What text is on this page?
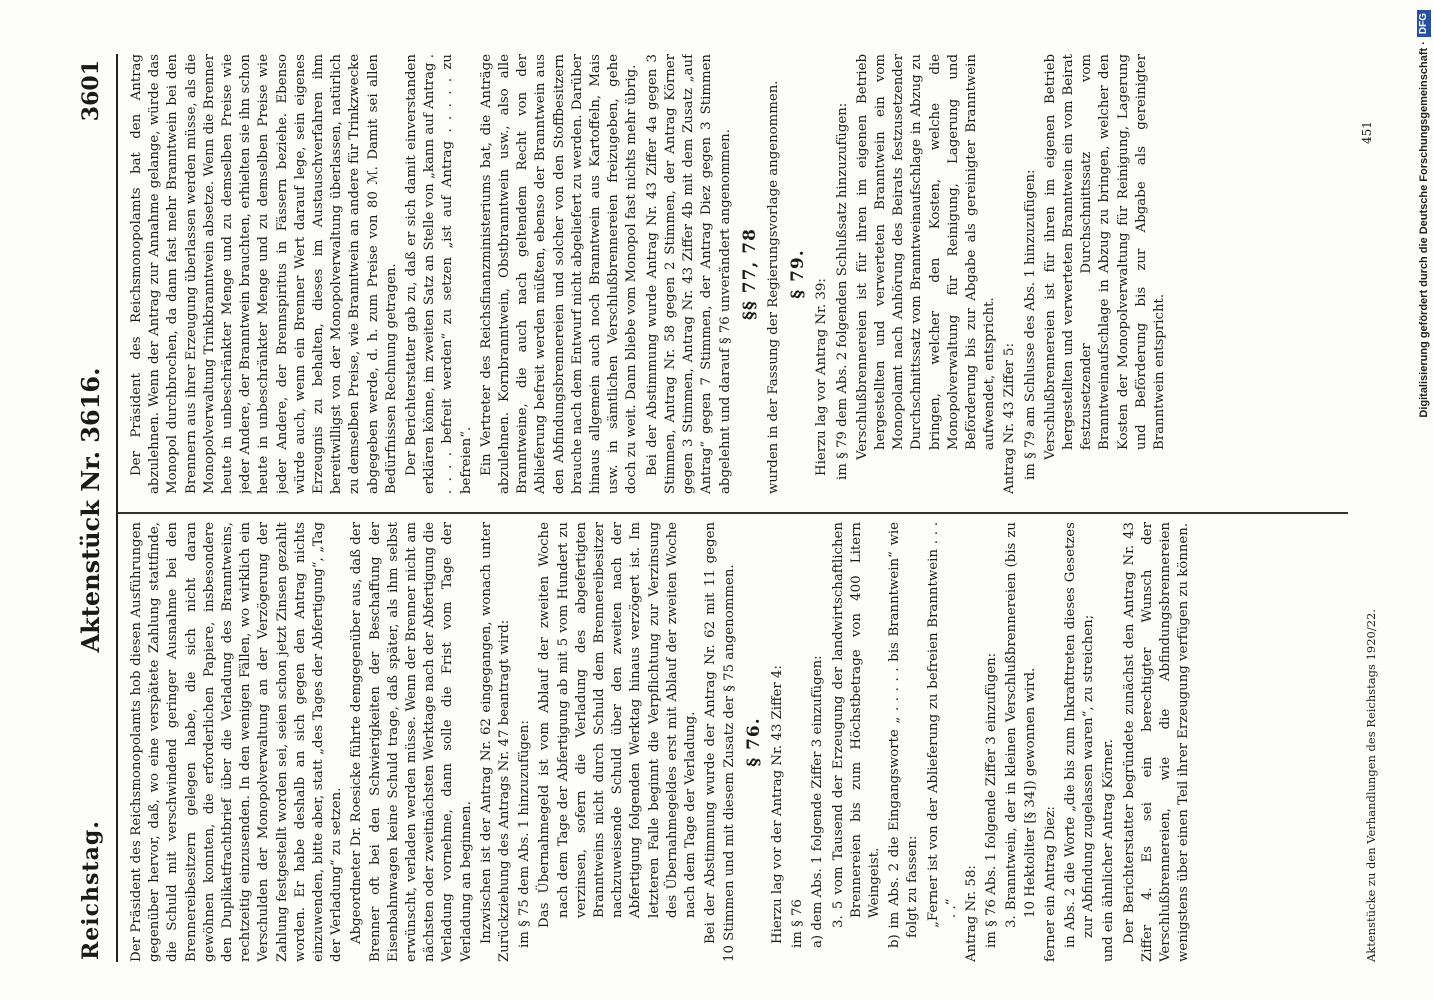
Reichstag.
Aktenstück Nr. 3616.
3601

Der Präsident des Reichsmonopolamts hob diesen Ausführungen gegenüber hervor, daß, wo eine verspätete Zahlung stattfinde, die Schuld mit verschwindend geringer Ausnahme bei den Brennereibesitzern gelegen habe, die sich nicht daran gewöhnen konnten, die erforderlichen Papiere, insbesondere den Duplikatfrachtbrief über die Verladung des Branntweins, rechtzeitig einzusenden. In den wenigen Fällen, wo wirklich ein Verschulden der Monopolverwaltung an der Verzögerung der Zahlung festgestellt worden sei, seien schon jetzt Zinsen gezahlt worden. Er habe deshalb an sich gegen den Antrag nichts einzuwenden, bitte aber, statt „des Tages der Abfertigung“, „Tag der Verladung“ zu setzen. Abgeordneter Dr. Roesicke führte demgegenüber aus, daß der Brenner oft bei den Schwierigkeiten der Beschaffung der Eisenbahnwagen keine Schuld trage, daß später, als ihm selbst erwünscht, verladen werden müsse. Wenn der Brenner nicht am nächsten oder zweitnächsten Werktage nach der Abfertigung die Verladung vornehme, dann solle die Frist vom Tage der Verladung an beginnen. Inzwischen ist der Antrag Nr. 62 eingegangen, wonach unter Zurückziehung des Antrags Nr. 47 beantragt wird: im § 75 dem Abs. 1 hinzuzufügen: Das Übernahmegeld ist vom Ablauf der zweiten Woche nach dem Tage der Abfertigung ab mit 5 vom Hundert zu verzinsen, sofern die Verladung des abgefertigten Branntweins nicht durch Schuld dem Brennereibesitzer nachzuweisende Schuld über den zweiten nach der Abfertigung folgenden Werktag hinaus verzögert ist. Im letzteren Falle beginnt die Verpflichtung zur Verzinsung des Übernahmegeldes erst mit Ablauf der zweiten Woche nach dem Tage der Verladung. Bei der Abstimmung wurde der Antrag Nr. 62 mit 11 gegen 10 Stimmen und mit diesem Zusatz der § 75 angenommen. § 76. Hierzu lag vor der Antrag Nr. 43 Ziffer 4: im § 76 a) dem Abs. 1 folgende Ziffer 3 einzufügen: 3. 5 vom Tausend der Erzeugung der landwirtschaftlichen Brennereien bis zum Höchstbetrage von 400 Litern Weingeist. b) im Abs. 2 die Eingangsworte „ . . . . . bis Branntwein“ wie folgt zu fassen: „Ferner ist von der Ablieferung zu befreien Branntwein . . . . .“ Antrag Nr. 58: im § 76 Abs. 1 folgende Ziffer 3 einzufügen: 3. Branntwein, der in kleinen Verschlußbrennereien (bis zu 10 Hektoliter [§ 34]) gewonnen wird. ferner ein Antrag Diez: in Abs. 2 die Worte „die bis zum Inkrafttreten dieses Gesetzes zur Abfindung zugelassen waren“, zu streichen; und ein ähnlicher Antrag Körner. Der Berichterstatter begründete zunächst den Antrag Nr. 43 Ziffer 4. Es sei ein berechtigter Wunsch der Verschlußbrennereien, wie die Abfindungsbrennereien wenigstens über einen Teil ihrer Erzeugung verfügen zu können.

Der Präsident des Reichsmonopolamts bat den Antrag abzulehnen. Wenn der Antrag zur Annahme gelange, würde das Monopol durchbrochen, da dann fast mehr Branntwein bei den Brennern aus ihrer Erzeugung überlassen werden müsse, als die Monopolverwaltung Trinkbranntwein absetze. Wenn die Brenner heute in unbeschränkter Menge und zu demselben Preise wie jeder Andere, der Branntwein brauchten, erhielten sie ihn schon heute in unbeschränkter Menge und zu demselben Preise wie jeder Andere, der Brennspiritus in Fässern beziehe. Ebenso würde auch, wenn ein Brenner Wert darauf lege, sein eigenes Erzeugnis zu behalten, dieses im Austauschverfahren ihm bereitwilligst von der Monopolverwaltung überlassen, natürlich zu demselben Preise, wie Branntwein an andere für Trinkzwecke abgegeben werde, d. h. zum Preise von 80 ℳ. Damit sei allen Bedürfnissen Rechnung getragen. Der Berichterstatter gab zu, daß er sich damit einverstanden erklären könne, im zweiten Satz an Stelle von „kann auf Antrag . . . . . befreit werden“ zu setzen „ist auf Antrag . . . . . zu befreien“. Ein Vertreter des Reichsfinanzministeriums bat, die Anträge abzulehnen. Kornbranntwein, Obstbranntwein usw., also alle Branntweine, die auch nach geltendem Recht von der Ablieferung befreit werden müßten, ebenso der Branntwein aus den Abfindungsbrennereien und solcher von den Stoffbesitzern brauche nach dem Entwurf nicht abgeliefert zu werden. Darüber hinaus allgemein auch noch Branntwein aus Kartoffeln, Mais usw. in sämtlichen Verschlußbrennereien freizugeben, gehe doch zu weit. Dann bliebe vom Monopol fast nichts mehr übrig. Bei der Abstimmung wurde Antrag Nr. 43 Ziffer 4a gegen 3 Stimmen, Antrag Nr. 58 gegen 2 Stimmen, der Antrag Körner gegen 3 Stimmen, Antrag Nr. 43 Ziffer 4b mit dem Zusatz „auf Antrag“ gegen 7 Stimmen, der Antrag Diez gegen 3 Stimmen abgelehnt und darauf § 76 unverändert angenommen. §§ 77, 78 wurden in der Fassung der Regierungsvorlage angenommen. § 79.

Hierzu lag vor Antrag Nr. 39: im § 79 dem Abs. 2 folgenden Schlußsatz hinzuzufügen: Verschlußbrennereien ist für ihren im eigenen Betrieb hergestellten und verwerteten Branntwein ein vom Monopolamt nach Anhörung des Beirats festzusetzender Durchschnittssatz vom Branntweinaufschlage in Abzug zu bringen, welcher den Kosten, welche die Monopolverwaltung für Reinigung, Lagerung und Beförderung bis zur Abgabe als gereinigter Branntwein aufwendet, entspricht. Antrag Nr. 43 Ziffer 5: im § 79 am Schlusse des Abs. 1 hinzuzufügen: Verschlußbrennereien ist für ihren im eigenen Betrieb hergestellten und verwerteten Branntwein ein vom Beirat festzusetzender Durchschnittssatz vom Branntweinaufschlage in Abzug zu bringen, welcher den Kosten der Monopolverwaltung für Reinigung, Lagerung und Beförderung bis zur Abgabe als gereinigter Branntwein entspricht.

Aktenstücke zu den Verhandlungen des Reichstags 1920/22.
451	Digitalisierung gefördert durch die Deutsche Forschungsgemeinschaft ·DFG
